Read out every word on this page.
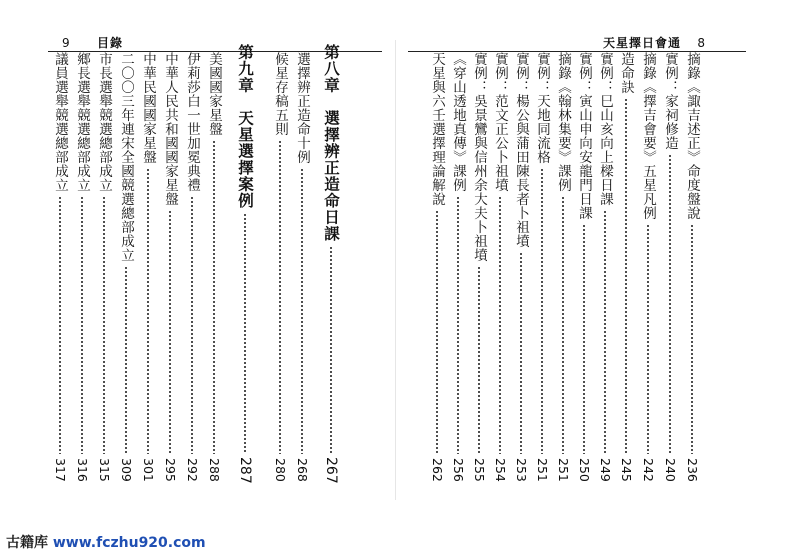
9 目錄	天星擇日會通 8
摘錄《諏吉述正》命度盤說
236
實例：家祠修造
240
摘錄《擇吉會要》五星凡例
242
造命訣
245
實例：巳山亥向上樑日課
249
實例：寅山申向安龍門日課
250
摘錄《翰林集要》課例
251
實例：天地同流格
251
實例：楊公與蒲田陳長者卜祖墳
253
實例：范文正公卜祖墳
254
實例：吳景鸞與信州余大夫卜祖墳
255
《穿山透地真傳》課例
256
天星與六壬選擇理論解說
262
第八章　選擇辨正造命日課
267
選擇辨正造命十例
268
候星存稿五則
280
第九章　天星選擇案例
287
美國國家星盤
288
伊莉莎白一世加冕典禮
292
中華人民共和國國家星盤
295
中華民國國家星盤
301
二〇〇三年連宋全國競選總部成立
309
市長選舉競選總部成立
315
鄉長選舉競選總部成立
316
議員選舉競選總部成立
317
古籍库 www.fczhu920.com
